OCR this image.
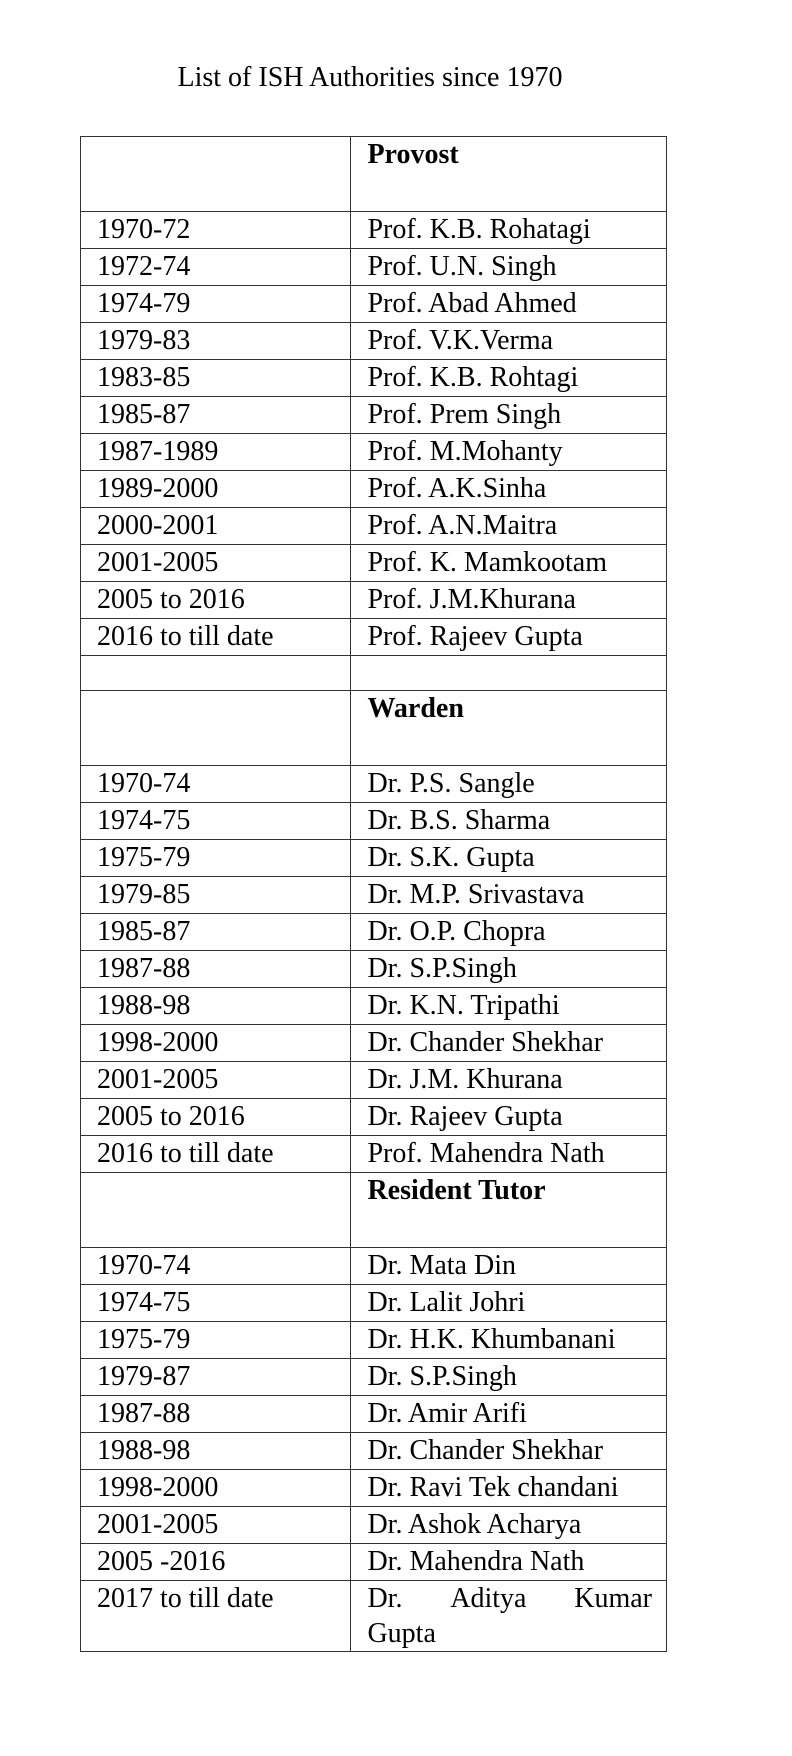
List of ISH Authorities since 1970
	Provost
1970-72	Prof. K.B. Rohatagi
1972-74	Prof. U.N. Singh
1974-79	Prof. Abad Ahmed
1979-83	Prof. V.K.Verma
1983-85	Prof. K.B. Rohtagi
1985-87	Prof. Prem Singh
1987-1989	Prof. M.Mohanty
1989-2000	Prof. A.K.Sinha
2000-2001	Prof. A.N.Maitra
2001-2005	Prof. K. Mamkootam
2005 to 2016	Prof. J.M.Khurana
2016 to till date	Prof. Rajeev Gupta

	Warden
1970-74	Dr. P.S. Sangle
1974-75	Dr. B.S. Sharma
1975-79	Dr. S.K. Gupta
1979-85	Dr. M.P. Srivastava
1985-87	Dr. O.P. Chopra
1987-88	Dr. S.P.Singh
1988-98	Dr. K.N. Tripathi
1998-2000	Dr. Chander Shekhar
2001-2005	Dr. J.M. Khurana
2005 to 2016	Dr. Rajeev Gupta
2016 to till date	Prof. Mahendra Nath
	Resident Tutor
1970-74	Dr. Mata Din
1974-75	Dr. Lalit Johri
1975-79	Dr. H.K. Khumbanani
1979-87	Dr. S.P.Singh
1987-88	Dr. Amir Arifi
1988-98	Dr. Chander Shekhar
1998-2000	Dr. Ravi Tek chandani
2001-2005	Dr. Ashok Acharya
2005 -2016	Dr. Mahendra Nath
2017 to till date	Dr. Aditya Kumar
Gupta
